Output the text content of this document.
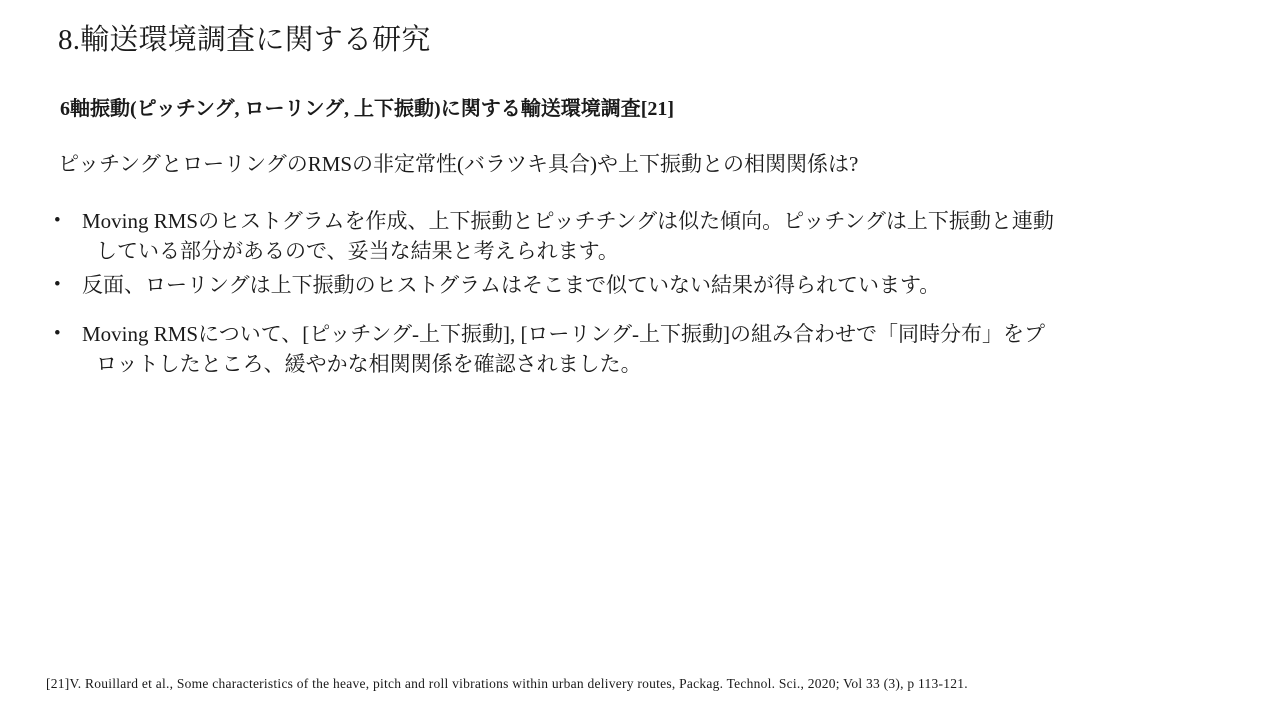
8.輸送環境調査に関する研究
6軸振動(ピッチング, ローリング, 上下振動)に関する輸送環境調査[21]
ピッチングとローリングのRMSの非定常性(バラツキ具合)や上下振動との相関関係は?
•	Moving RMSのヒストグラムを作成、上下振動とピッチチングは似た傾向。ピッチングは上下振動と連動
している部分があるので、妥当な結果と考えられます。
•	反面、ローリングは上下振動のヒストグラムはそこまで似ていない結果が得られています。
•	Moving RMSについて、[ピッチング-上下振動], [ローリング-上下振動]の組み合わせで「同時分布」をプ
ロットしたところ、緩やかな相関関係を確認されました。
[21]V. Rouillard et al., Some characteristics of the heave, pitch and roll vibrations within urban delivery routes, Packag. Technol. Sci., 2020; Vol 33 (3), p 113-121.
